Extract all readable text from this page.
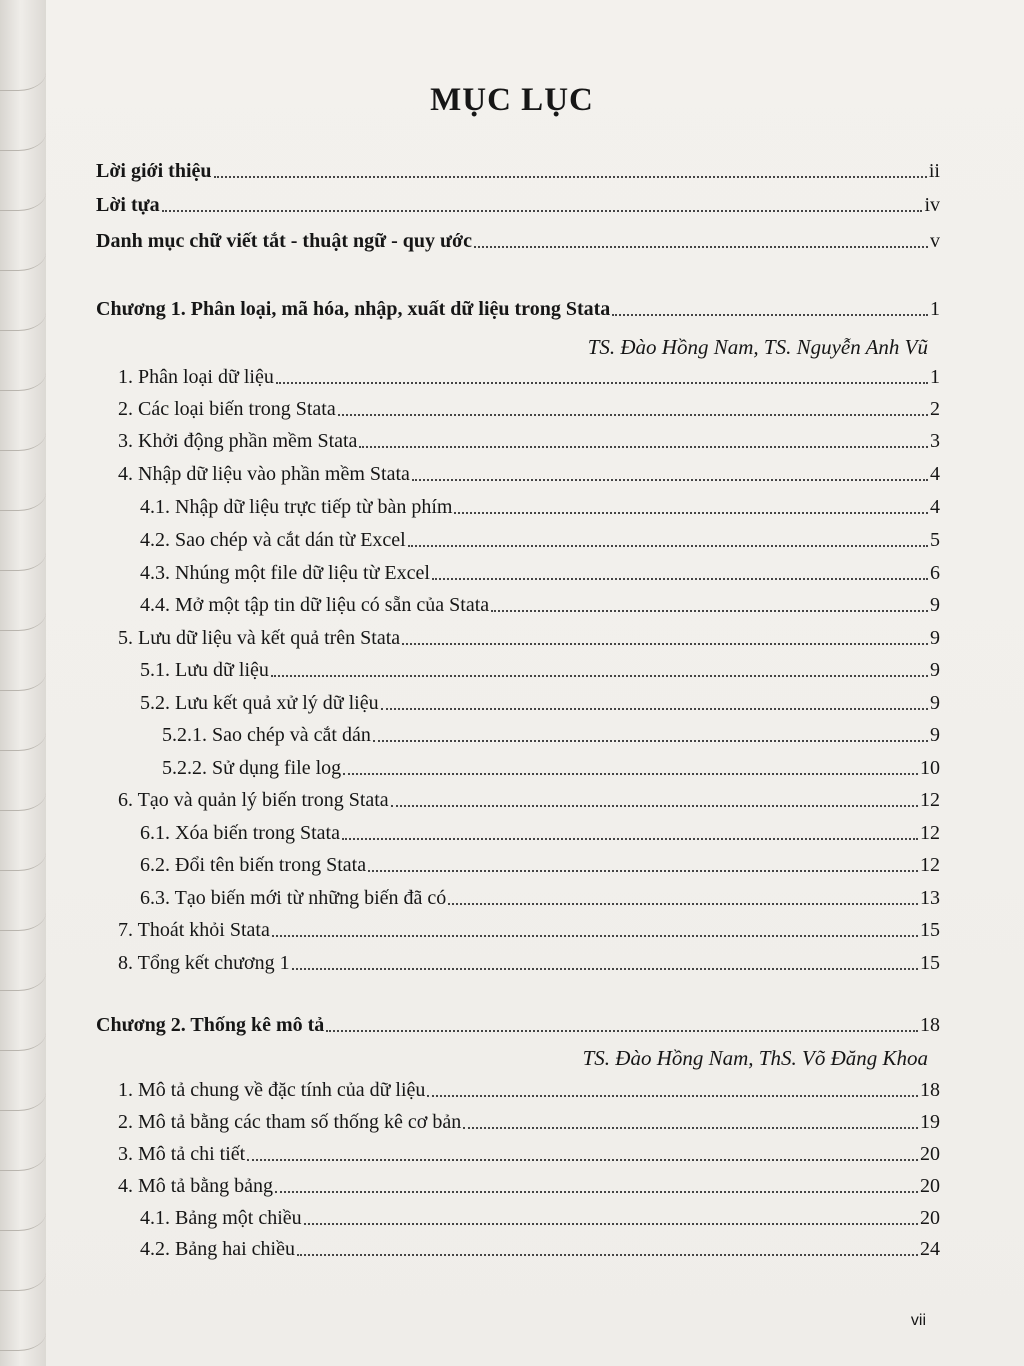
MỤC LỤC
Lời giới thiệu	ii
Lời tựa	iv
Danh mục chữ viết tắt - thuật ngữ - quy ước	v
Chương 1. Phân loại, mã hóa, nhập, xuất dữ liệu trong Stata	1
TS. Đào Hồng Nam, TS. Nguyễn Anh Vũ
1. Phân loại dữ liệu	1
2. Các loại biến trong Stata	2
3. Khởi động phần mềm Stata	3
4. Nhập dữ liệu vào phần mềm Stata	4
4.1. Nhập dữ liệu trực tiếp từ bàn phím	4
4.2. Sao chép và cắt dán từ Excel	5
4.3. Nhúng một file dữ liệu từ Excel	6
4.4. Mở một tập tin dữ liệu có sẵn của Stata	9
5. Lưu dữ liệu và kết quả trên Stata	9
5.1. Lưu dữ liệu	9
5.2. Lưu kết quả xử lý dữ liệu	9
5.2.1. Sao chép và cắt dán	9
5.2.2. Sử dụng file log	10
6. Tạo và quản lý biến trong Stata	12
6.1. Xóa biến trong Stata	12
6.2. Đổi tên biến trong Stata	12
6.3. Tạo biến mới từ những biến đã có	13
7. Thoát khỏi Stata	15
8. Tổng kết chương 1	15
Chương 2. Thống kê mô tả	18
TS. Đào Hồng Nam, ThS. Võ Đăng Khoa
1. Mô tả chung về đặc tính của dữ liệu	18
2. Mô tả bằng các tham số thống kê cơ bản	19
3. Mô tả chi tiết	20
4. Mô tả bằng bảng	20
4.1. Bảng một chiều	20
4.2. Bảng hai chiều	24
vii
